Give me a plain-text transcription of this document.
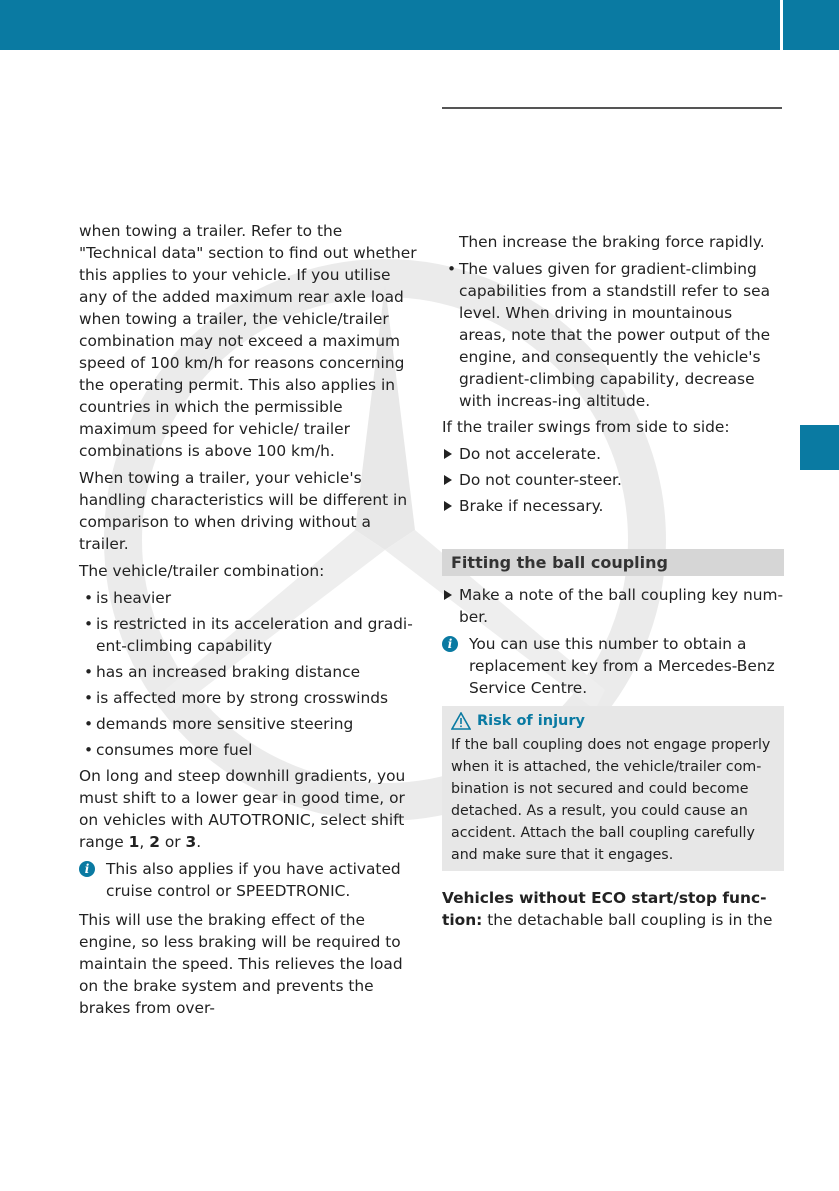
when towing a trailer. Refer to the "Technical data" section to find out whether this applies to your vehicle. If you utilise any of the added maximum rear axle load when towing a trailer, the vehicle/trailer combination may not exceed a maximum speed of 100 km/h for reasons concerning the operating permit. This also applies in countries in which the permissible maximum speed for vehicle/ trailer combinations is above 100 km/h.

When towing a trailer, your vehicle's handling characteristics will be different in comparison to when driving without a trailer.

The vehicle/trailer combination:

• is heavier
• is restricted in its acceleration and gradi-ent-climbing capability
• has an increased braking distance
• is affected more by strong crosswinds
• demands more sensitive steering
• consumes more fuel

On long and steep downhill gradients, you must shift to a lower gear in good time, or on vehicles with AUTOTRONIC, select shift range 1, 2 or 3.

i	This also applies if you have activated cruise control or SPEEDTRONIC.

This will use the braking effect of the engine, so less braking will be required to maintain the speed. This relieves the load on the brake system and prevents the brakes from over-

Then increase the braking force rapidly.

• The values given for gradient-climbing capabilities from a standstill refer to sea level. When driving in mountainous areas, note that the power output of the engine, and consequently the vehicle's gradient-climbing capability, decrease with increas-ing altitude.

If the trailer swings from side to side:

Do not accelerate.
Do not counter-steer.
Brake if necessary.
Fitting the ball coupling
Make a note of the ball coupling key num-ber.
i	You can use this number to obtain a replacement key from a Mercedes-Benz Service Centre.
Risk of injury
If the ball coupling does not engage properly when it is attached, the vehicle/trailer com-bination is not secured and could become detached. As a result, you could cause an accident. Attach the ball coupling carefully and make sure that it engages.

Vehicles without ECO start/stop func-tion: the detachable ball coupling is in the
